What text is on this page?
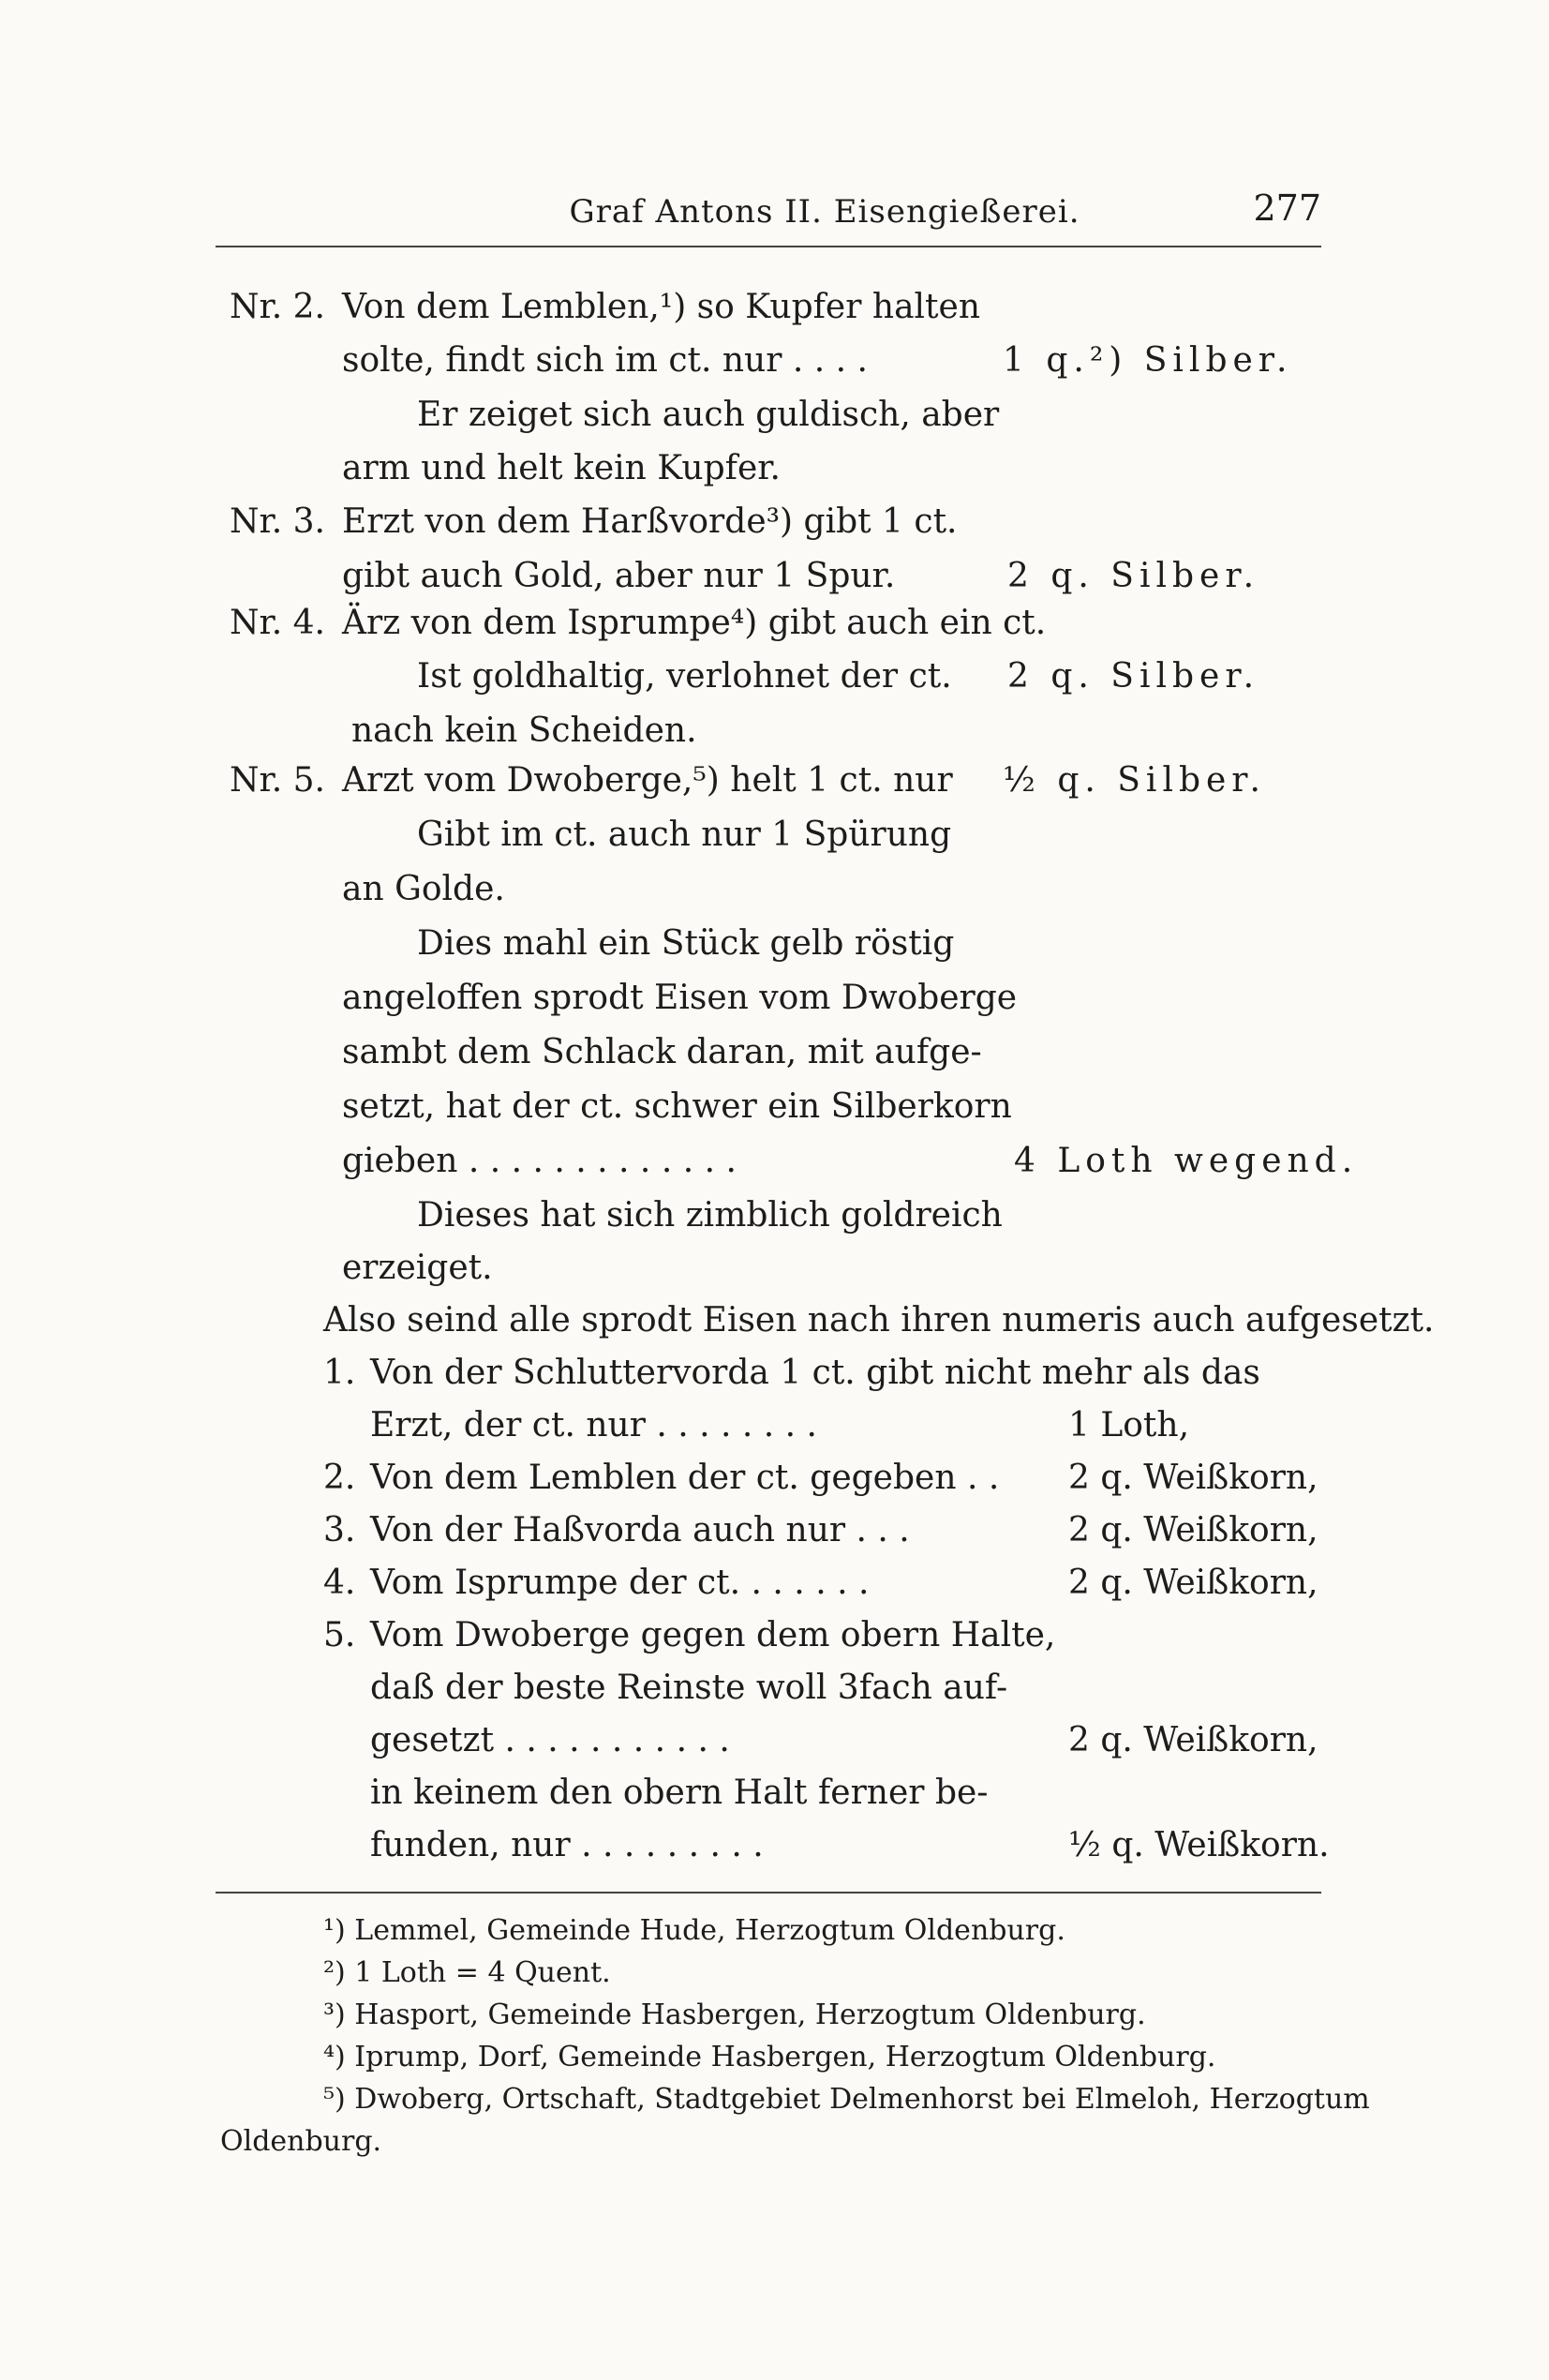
Graf Antons II. Eisengießerei.	277
Nr. 2. Von dem Lemblen,¹) so Kupfer halten
solte, findt sich im ct. nur . . . .	1 q.²) Silber.
Er zeiget sich auch guldisch, aber
arm und helt kein Kupfer.
Nr. 3. Erzt von dem Harßvorde³) gibt 1 ct.
gibt auch Gold, aber nur 1 Spur.	2 q. Silber.
Nr. 4. Ärz von dem Isprumpe⁴) gibt auch ein ct.
Ist goldhaltig, verlohnet der ct. 2 q. Silber.
nach kein Scheiden.
Nr. 5. Arzt vom Dwoberge,⁵) helt 1 ct. nur ½ q. Silber.
Gibt im ct. auch nur 1 Spürung
an Golde.
Dies mahl ein Stück gelb röstig
angeloffen sprodt Eisen vom Dwoberge
sambt dem Schlack daran, mit aufge-
setzt, hat der ct. schwer ein Silberkorn
gieben . . . . . . . . . . . . .	4 Loth wegend.
Dieses hat sich zimblich goldreich
erzeiget.
Also seind alle sprodt Eisen nach ihren numeris auch aufgesetzt.
1. Von der Schluttervorda 1 ct. gibt nicht mehr als das
Erzt, der ct. nur . . . . . . . .	1 Loth,
2. Von dem Lemblen der ct. gegeben . . 2 q. Weißkorn,
3. Von der Haßvorda auch nur . . .	2 q. Weißkorn,
4. Vom Isprumpe der ct. . . . . . .	2 q. Weißkorn,
5. Vom Dwoberge gegen dem obern Halte,
daß der beste Reinste woll 3fach auf-
gesetzt . . . . . . . . . . .	2 q. Weißkorn,
in keinem den obern Halt ferner be-
funden, nur . . . . . . . . .	½ q. Weißkorn.
¹) Lemmel, Gemeinde Hude, Herzogtum Oldenburg.
²) 1 Loth = 4 Quent.
³) Hasport, Gemeinde Hasbergen, Herzogtum Oldenburg.
⁴) Iprump, Dorf, Gemeinde Hasbergen, Herzogtum Oldenburg.
⁵) Dwoberg, Ortschaft, Stadtgebiet Delmenhorst bei Elmeloh, Herzogtum
Oldenburg.
